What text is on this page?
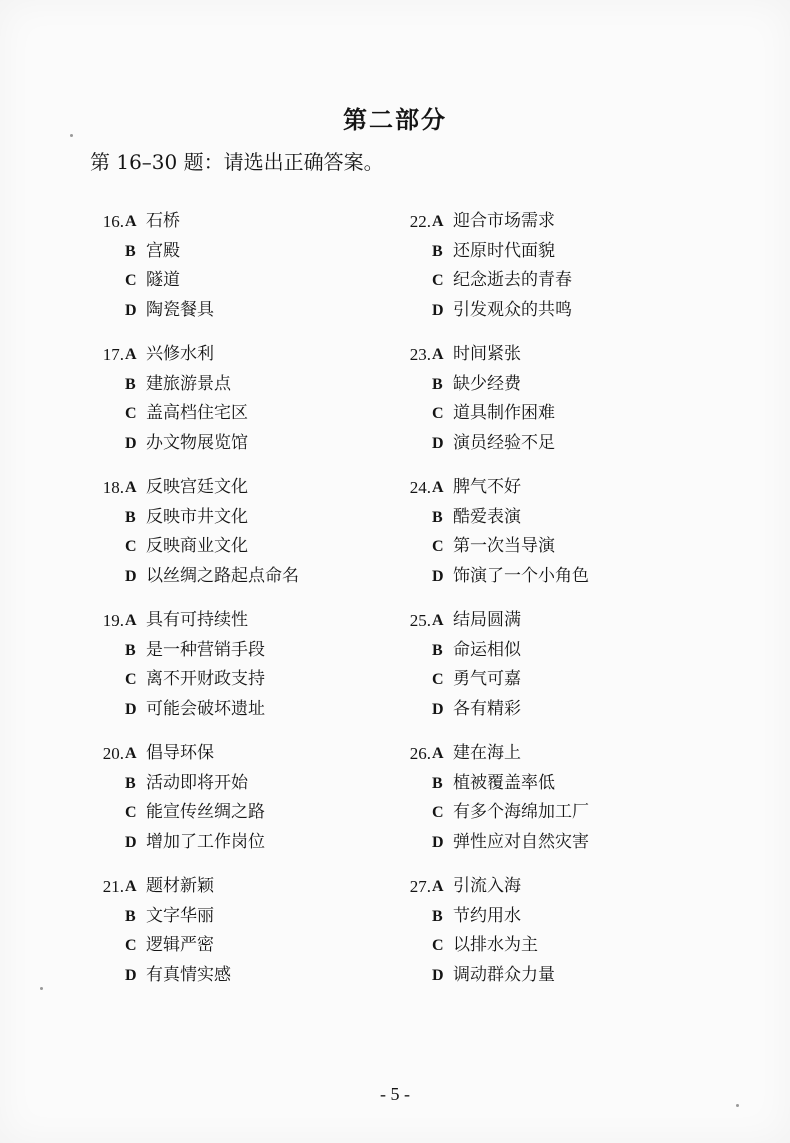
第二部分
第 16–30 题：请选出正确答案。
16. A 石桥
B 宫殿
C 隧道
D 陶瓷餐具
17. A 兴修水利
B 建旅游景点
C 盖高档住宅区
D 办文物展览馆
18. A 反映宫廷文化
B 反映市井文化
C 反映商业文化
D 以丝绸之路起点命名
19. A 具有可持续性
B 是一种营销手段
C 离不开财政支持
D 可能会破坏遗址
20. A 倡导环保
B 活动即将开始
C 能宣传丝绸之路
D 增加了工作岗位
21. A 题材新颖
B 文字华丽
C 逻辑严密
D 有真情实感
22. A 迎合市场需求
B 还原时代面貌
C 纪念逝去的青春
D 引发观众的共鸣
23. A 时间紧张
B 缺少经费
C 道具制作困难
D 演员经验不足
24. A 脾气不好
B 酷爱表演
C 第一次当导演
D 饰演了一个小角色
25. A 结局圆满
B 命运相似
C 勇气可嘉
D 各有精彩
26. A 建在海上
B 植被覆盖率低
C 有多个海绵加工厂
D 弹性应对自然灾害
27. A 引流入海
B 节约用水
C 以排水为主
D 调动群众力量
- 5 -
